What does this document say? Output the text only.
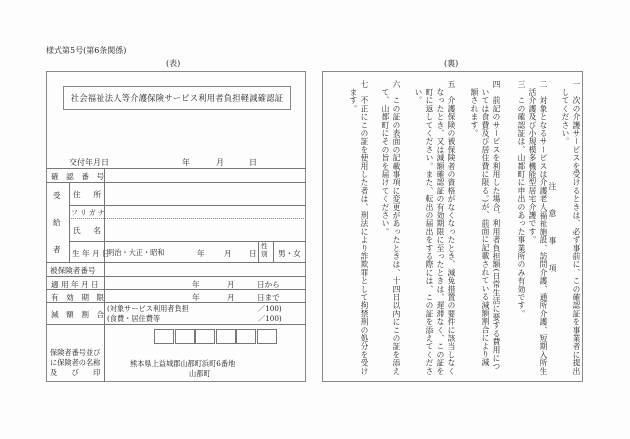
様式第5号(第6条関係)
(表)	(裏)
社会福祉法人等介護保険サービス利用者負担軽減確認証
交付年月日	年	月	日
確　認　番　号
受
給
者
住 所
フ リ ガ ナ
氏 名
生 年 月 日
明治・大正・昭和	年	月 日
性
別 男・女
被保険者番号
適 用 年 月 日	年	月	日から
有　効　期　限	年	月	日まで
減　額　割　合
(対象サービス利用者負担	／100)
(食費・居住費等	／100)
保険者番号並び
に保険者の名称
及　　び　　印
熊本県上益城郡山都町浜町6番地
山都町
注　意　事　項 一　次の介護サービスを受けるときは、必ず事前に、この確認証を事業者に提出
　してください。
二　対象となるサービスは介護老人福祉施設、訪問介護、通所介護、短期入所生
　活介護及び小規模多機能型居宅介護です。
三　この確認証は、山都町に申出のあった事業所のみ有効です。
四　前記のサービスを利用した場合、利用者負担額(日常生活に要する費用につ
　いては食費及び居住費に限る。)が、前面に記載されている減額割合により減
　額されます。
五　介護保険の被保険者の資格がなくなったとき、減免措置の要件に該当しなく
　なったとき、又は減額確認証の有効期限に至ったときは、遅滞なく、この証を
　町に返してください。また、転出の届出をする際には、この証を添えてくださ
　い。
六　この証の表面の記載事項に変更があったときは、十四日以内にこの証を添え
　て、山都町にその旨を届けてください。
七　不正にこの証を使用した者は、刑法により詐欺罪として拘禁刑の処分を受け
　ます。
